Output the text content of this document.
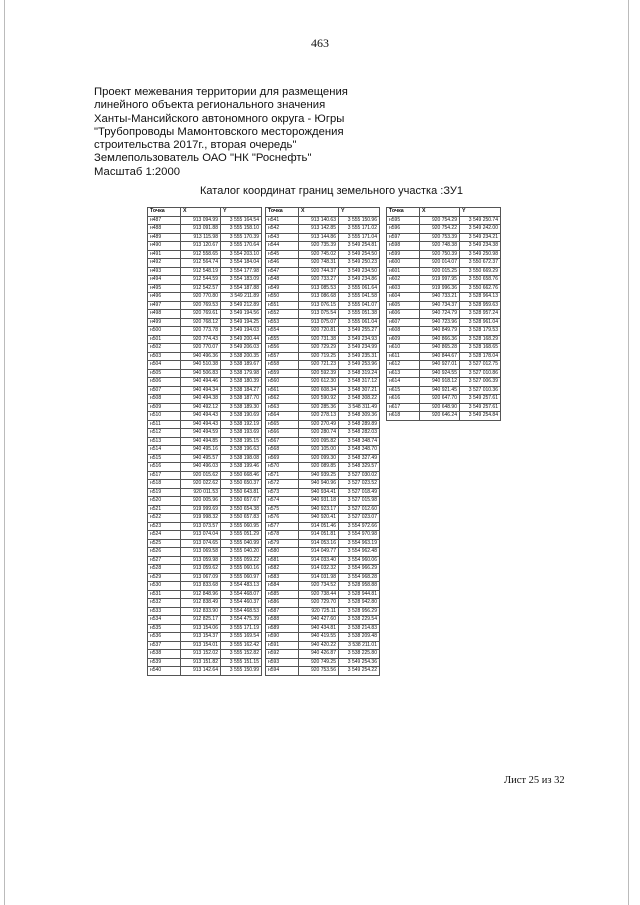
463
Проект межевания территории для размещения
линейного объекта регионального значения
Ханты-Мансийского автономного округа - Югры
"Трубопроводы Мамонтовского месторождения
строительства 2017г., вторая очередь"
Землепользователь ОАО "НК "Роснефть"
Масштаб 1:2000
Каталог координат границ земельного участка :ЗУ1
Точка	X	Y
н487	913 094.99	3 555 164.54
н488	913 091.88	3 555 158.10
н489	913 115.98	3 555 170.39
н490	913 120.67	3 555 170.64
н491	912 558.65	3 554 203.10
н492	912 564.74	3 554 184.04
н493	912 548.19	3 554 177.98
н494	912 544.59	3 554 183.09
н495	912 542.57	3 554 187.88
н496	920 770.80	3 549 211.89
н497	920 769.53	3 549 212.89
н498	920 769.61	3 549 194.56
н499	920 768.12	3 549 194.25
н500	920 773.78	3 549 194.03
н501	920 774.43	3 549 200.44
н502	920 770.07	3 549 206.03
н503	940 496.36	3 538 200.35
н504	940 510.38	3 538 189.67
н505	940 506.83	3 538 179.98
н506	940 494.46	3 538 180.39
н507	940 494.34	3 538 184.27
н508	940 494.38	3 538 187.70
н509	940 492.12	3 538 189.30
н510	940 494.43	3 538 190.69
н511	940 494.43	3 538 192.19
н512	940 494.59	3 538 193.69
н513	940 494.85	3 538 195.15
н514	940 495.16	3 538 196.63
н515	940 495.57	3 538 198.08
н516	940 496.03	3 538 199.46
н517	920 015.62	3 550 668.46
н518	920 022.62	3 550 650.37
н519	920 011.53	3 550 643.81
н520	920 005.96	3 550 657.67
н521	919 999.69	3 550 654.38
н522	919 998.32	3 550 657.83
н523	913 073.57	3 555 060.95
н524	913 074.04	3 555 051.29
н525	913 074.65	3 555 040.99
н526	913 069.58	3 555 040.20
н527	913 059.98	3 555 059.22
н528	913 059.62	3 555 060.16
н529	913 067.09	3 555 060.97
н530	913 833.68	3 554 483.13
н531	912 848.96	3 554 468.07
н532	912 838.49	3 554 460.37
н533	912 833.90	3 554 468.53
н534	912 825.17	3 554 475.39
н535	913 154.06	3 555 171.19
н536	913 154.37	3 555 169.54
н537	913 154.01	3 555 162.42
н538	913 152.02	3 555 152.82
н539	913 151.82	3 555 151.15
н540	913 142.64	3 555 150.99
Точка	X	Y
н541	913 140.63	3 555 150.96
н542	913 142.85	3 555 171.02
н543	913 144.86	3 555 171.04
н544	920 735.39	3 549 254.81
н545	920 745.02	3 549 254.50
н546	920 748.31	3 549 250.23
н547	920 744.37	3 549 234.50
н548	920 733.27	3 549 234.86
н549	913 085.53	3 555 061.64
н550	913 086.68	3 555 041.58
н551	913 076.15	3 555 041.07
н552	913 075.54	3 555 051.38
н553	913 075.07	3 555 061.04
н554	920 720.81	3 549 255.27
н555	920 731.38	3 549 234.93
н556	920 729.29	3 549 234.99
н557	920 719.25	3 549 235.31
н558	920 721.23	3 549 253.96
н559	920 592.39	3 548 319.24
н560	920 612.30	3 548 317.12
н561	920 608.34	3 548 307.21
н562	920 590.92	3 548 308.22
н563	920 285.36	3 548 311.49
н564	920 278.13	3 548 309.36
н565	920 270.49	3 548 289.89
н566	920 280.74	3 548 282.03
н567	920 095.82	3 548 348.74
н568	920 105.00	3 548 348.70
н569	920 099.30	3 548 327.49
н570	920 089.85	3 548 329.57
н571	940 939.25	3 527 030.02
н572	940 940.96	3 527 023.52
н573	940 934.41	3 527 018.49
н574	940 931.18	3 527 015.98
н575	940 923.17	3 527 012.60
н576	940 920.41	3 527 023.07
н577	914 051.46	3 554 972.66
н578	914 051.81	3 554 970.98
н579	914 053.16	3 554 963.19
н580	914 049.77	3 554 962.48
н581	914 033.40	3 554 960.06
н582	914 032.32	3 554 966.29
н583	914 031.98	3 554 968.28
н584	920 734.52	3 528 958.88
н585	920 738.44	3 528 944.81
н586	920 729.70	3 528 942.80
н587	920 725.11	3 528 956.29
н588	940 427.60	3 538 229.54
н589	940 434.81	3 538 214.83
н590	940 419.55	3 538 209.48
н591	940 420.22	3 538 211.01
н592	940 426.87	3 538 225.80
н593	920 749.25	3 549 254.36
н594	920 753.56	3 549 254.22
Точка	X	Y
н595	920 754.29	3 549 250.74
н596	920 754.22	3 549 242.00
н597	920 753.39	3 549 234.21
н598	920 748.38	3 549 234.38
н599	920 750.39	3 549 250.98
н600	920 014.07	3 550 672.37
н601	920 015.25	3 550 669.29
н602	919 997.95	3 550 658.76
н603	919 996.36	3 550 662.76
н604	940 733.21	3 528 964.13
н605	940 734.37	3 528 959.63
н606	940 724.79	3 528 957.24
н607	940 723.96	3 528 961.04
н608	940 849.79	3 528 179.53
н609	940 866.36	3 528 168.29
н610	940 865.28	3 528 168.65
н611	940 844.67	3 528 178.04
н612	940 927.01	3 527 012.75
н613	940 924.55	3 527 010.86
н614	940 918.12	3 527 006.39
н615	940 921.45	3 527 010.36
н616	920 647.70	3 549 257.61
н617	920 648.90	3 549 257.61
н618	920 646.24	3 549 254.84
Лист 25 из 32
